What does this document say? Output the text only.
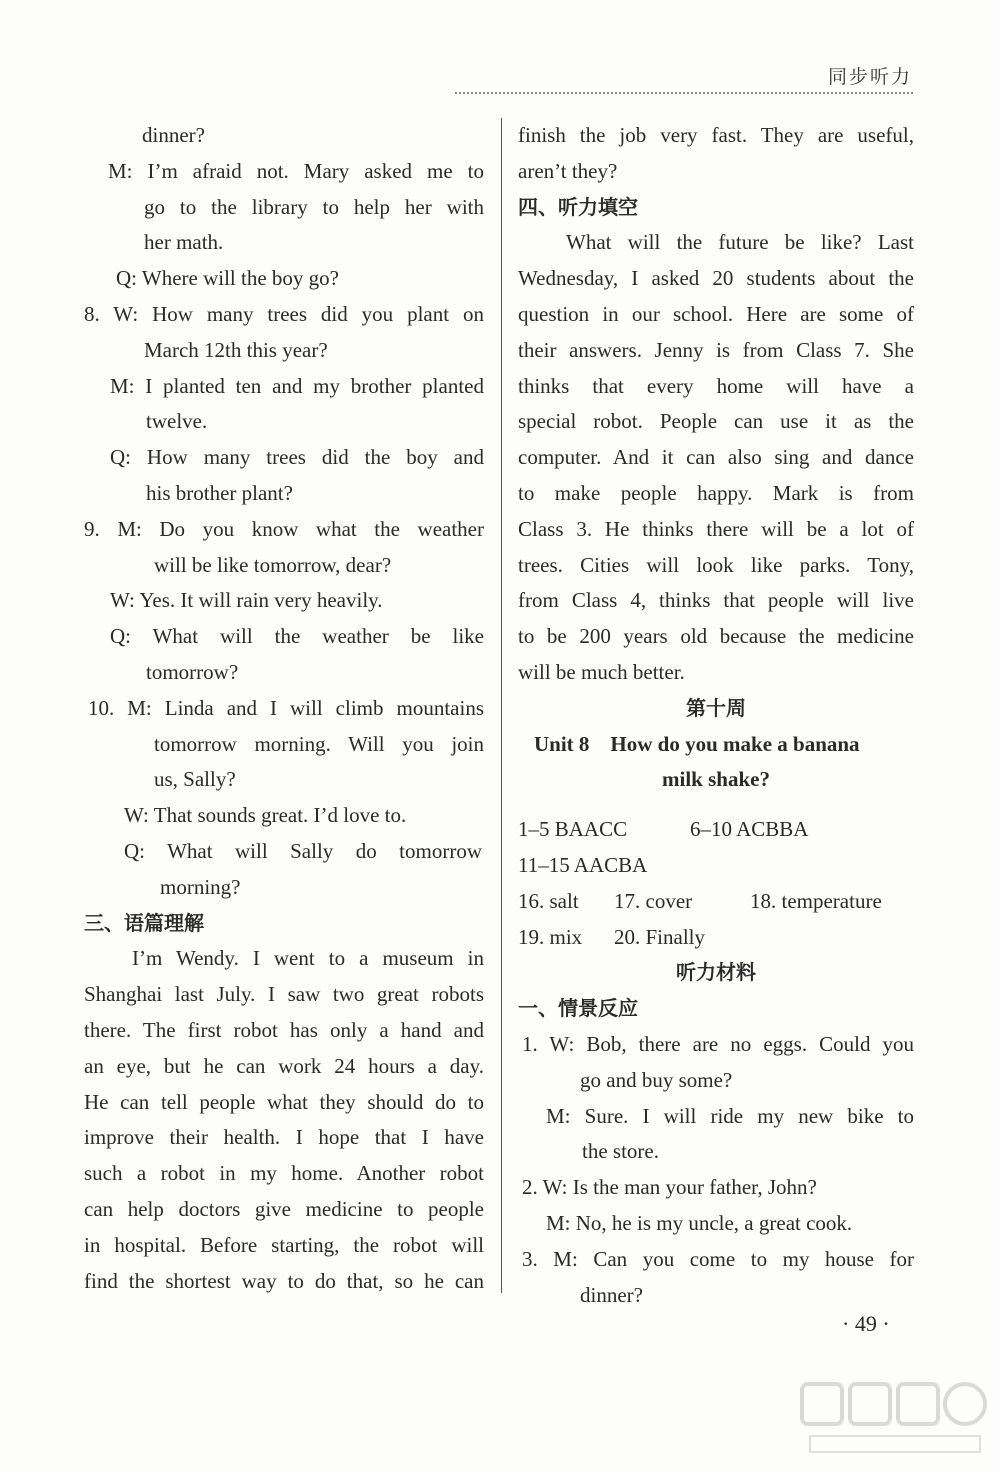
同步听力
dinner?
M: I’m afraid not. Mary asked me to
go to the library to help her with
her math.
Q: Where will the boy go?
8. W: How many trees did you plant on
March 12th this year?
M: I planted ten and my brother planted
twelve.
Q: How many trees did the boy and
his brother plant?
9. M: Do you know what the weather
will be like tomorrow, dear?
W: Yes. It will rain very heavily.
Q: What will the weather be like
tomorrow?
10. M: Linda and I will climb mountains
tomorrow morning. Will you join
us, Sally?
W: That sounds great. I’d love to.
Q: What will Sally do tomorrow
morning?
三、语篇理解
I’m Wendy. I went to a museum in
Shanghai last July. I saw two great robots
there. The first robot has only a hand and
an eye, but he can work 24 hours a day.
He can tell people what they should do to
improve their health. I hope that I have
such a robot in my home. Another robot
can help doctors give medicine to people
in hospital. Before starting, the robot will
find the shortest way to do that, so he can
finish the job very fast. They are useful,
aren’t they?
四、听力填空
What will the future be like? Last
Wednesday, I asked 20 students about the
question in our school. Here are some of
their answers. Jenny is from Class 7. She
thinks that every home will have a
special robot. People can use it as the
computer. And it can also sing and dance
to make people happy. Mark is from
Class 3. He thinks there will be a lot of
trees. Cities will look like parks. Tony,
from Class 4, thinks that people will live
to be 200 years old because the medicine
will be much better.
第十周
Unit 8    How do you make a banana
milk shake?
1–5 BAACC	6–10 ACBBA
11–15 AACBA
16. salt 17. cover	18. temperature
19. mix 20. Finally
听力材料
一、情景反应
1. W: Bob, there are no eggs. Could you
go and buy some?
M: Sure. I will ride my new bike to
the store.
2. W: Is the man your father, John?
M: No, he is my uncle, a great cook.
3. M: Can you come to my house for
dinner?
· 49 ·
